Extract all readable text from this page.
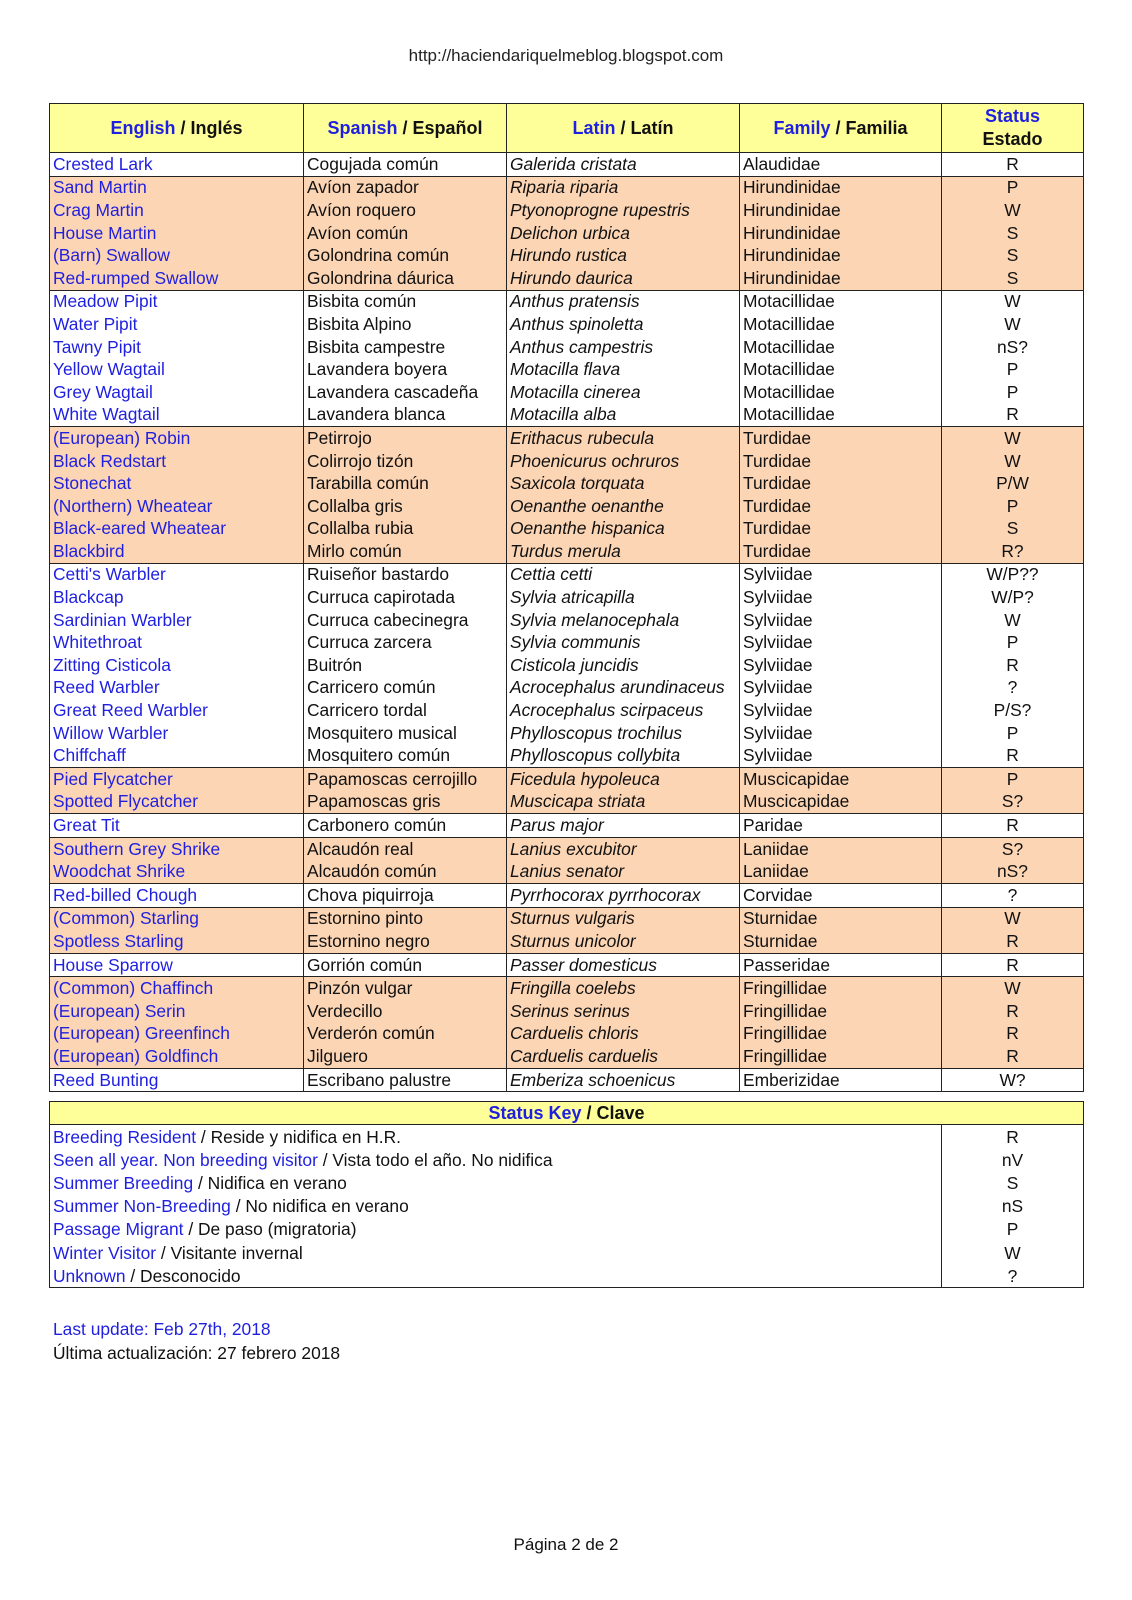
http://haciendariquelmeblog.blogspot.com
English / Inglés	Spanish / Español	Latin / Latín	Family / Familia	Status
Estado
Crested Lark	Cogujada común	Galerida cristata	Alaudidae	R
Sand Martin	Avíon zapador	Riparia riparia	Hirundinidae	P
Crag Martin	Avíon roquero	Ptyonoprogne rupestris	Hirundinidae	W
House Martin	Avíon común	Delichon urbica	Hirundinidae	S
(Barn) Swallow	Golondrina común	Hirundo rustica	Hirundinidae	S
Red-rumped Swallow	Golondrina dáurica	Hirundo daurica	Hirundinidae	S
Meadow Pipit	Bisbita común	Anthus pratensis	Motacillidae	W
Water Pipit	Bisbita Alpino	Anthus spinoletta	Motacillidae	W
Tawny Pipit	Bisbita campestre	Anthus campestris	Motacillidae	nS?
Yellow Wagtail	Lavandera boyera	Motacilla flava	Motacillidae	P
Grey Wagtail	Lavandera cascadeña	Motacilla cinerea	Motacillidae	P
White Wagtail	Lavandera blanca	Motacilla alba	Motacillidae	R
(European) Robin	Petirrojo	Erithacus rubecula	Turdidae	W
Black Redstart	Colirrojo tizón	Phoenicurus ochruros	Turdidae	W
Stonechat	Tarabilla común	Saxicola torquata	Turdidae	P/W
(Northern) Wheatear	Collalba gris	Oenanthe oenanthe	Turdidae	P
Black-eared Wheatear	Collalba rubia	Oenanthe hispanica	Turdidae	S
Blackbird	Mirlo común	Turdus merula	Turdidae	R?
Cetti's Warbler	Ruiseñor bastardo	Cettia cetti	Sylviidae	W/P??
Blackcap	Curruca capirotada	Sylvia atricapilla	Sylviidae	W/P?
Sardinian Warbler	Curruca cabecinegra	Sylvia melanocephala	Sylviidae	W
Whitethroat	Curruca zarcera	Sylvia communis	Sylviidae	P
Zitting Cisticola	Buitrón	Cisticola juncidis	Sylviidae	R
Reed Warbler	Carricero común	Acrocephalus arundinaceus	Sylviidae	?
Great Reed Warbler	Carricero tordal	Acrocephalus scirpaceus	Sylviidae	P/S?
Willow Warbler	Mosquitero musical	Phylloscopus trochilus	Sylviidae	P
Chiffchaff	Mosquitero común	Phylloscopus collybita	Sylviidae	R
Pied Flycatcher	Papamoscas cerrojillo	Ficedula hypoleuca	Muscicapidae	P
Spotted Flycatcher	Papamoscas gris	Muscicapa striata	Muscicapidae	S?
Great Tit	Carbonero común	Parus major	Paridae	R
Southern Grey Shrike	Alcaudón real	Lanius excubitor	Laniidae	S?
Woodchat Shrike	Alcaudón común	Lanius senator	Laniidae	nS?
Red-billed Chough	Chova piquirroja	Pyrrhocorax pyrrhocorax	Corvidae	?
(Common) Starling	Estornino pinto	Sturnus vulgaris	Sturnidae	W
Spotless Starling	Estornino negro	Sturnus unicolor	Sturnidae	R
House Sparrow	Gorrión común	Passer domesticus	Passeridae	R
(Common) Chaffinch	Pinzón vulgar	Fringilla coelebs	Fringillidae	W
(European) Serin	Verdecillo	Serinus serinus	Fringillidae	R
(European) Greenfinch	Verderón común	Carduelis chloris	Fringillidae	R
(European) Goldfinch	Jilguero	Carduelis carduelis	Fringillidae	R
Reed Bunting	Escribano palustre	Emberiza schoenicus	Emberizidae	W?
Status Key / Clave	
Breeding Resident / Reside y nidifica en H.R.	R
Seen all year. Non breeding visitor / Vista todo el año. No nidifica	nV
Summer Breeding / Nidifica en verano	S
Summer Non-Breeding / No nidifica en verano	nS
Passage Migrant / De paso (migratoria)	P
Winter Visitor / Visitante invernal	W
Unknown / Desconocido	?
Last update: Feb 27th, 2018
Última actualización: 27 febrero 2018
Página 2 de 2
